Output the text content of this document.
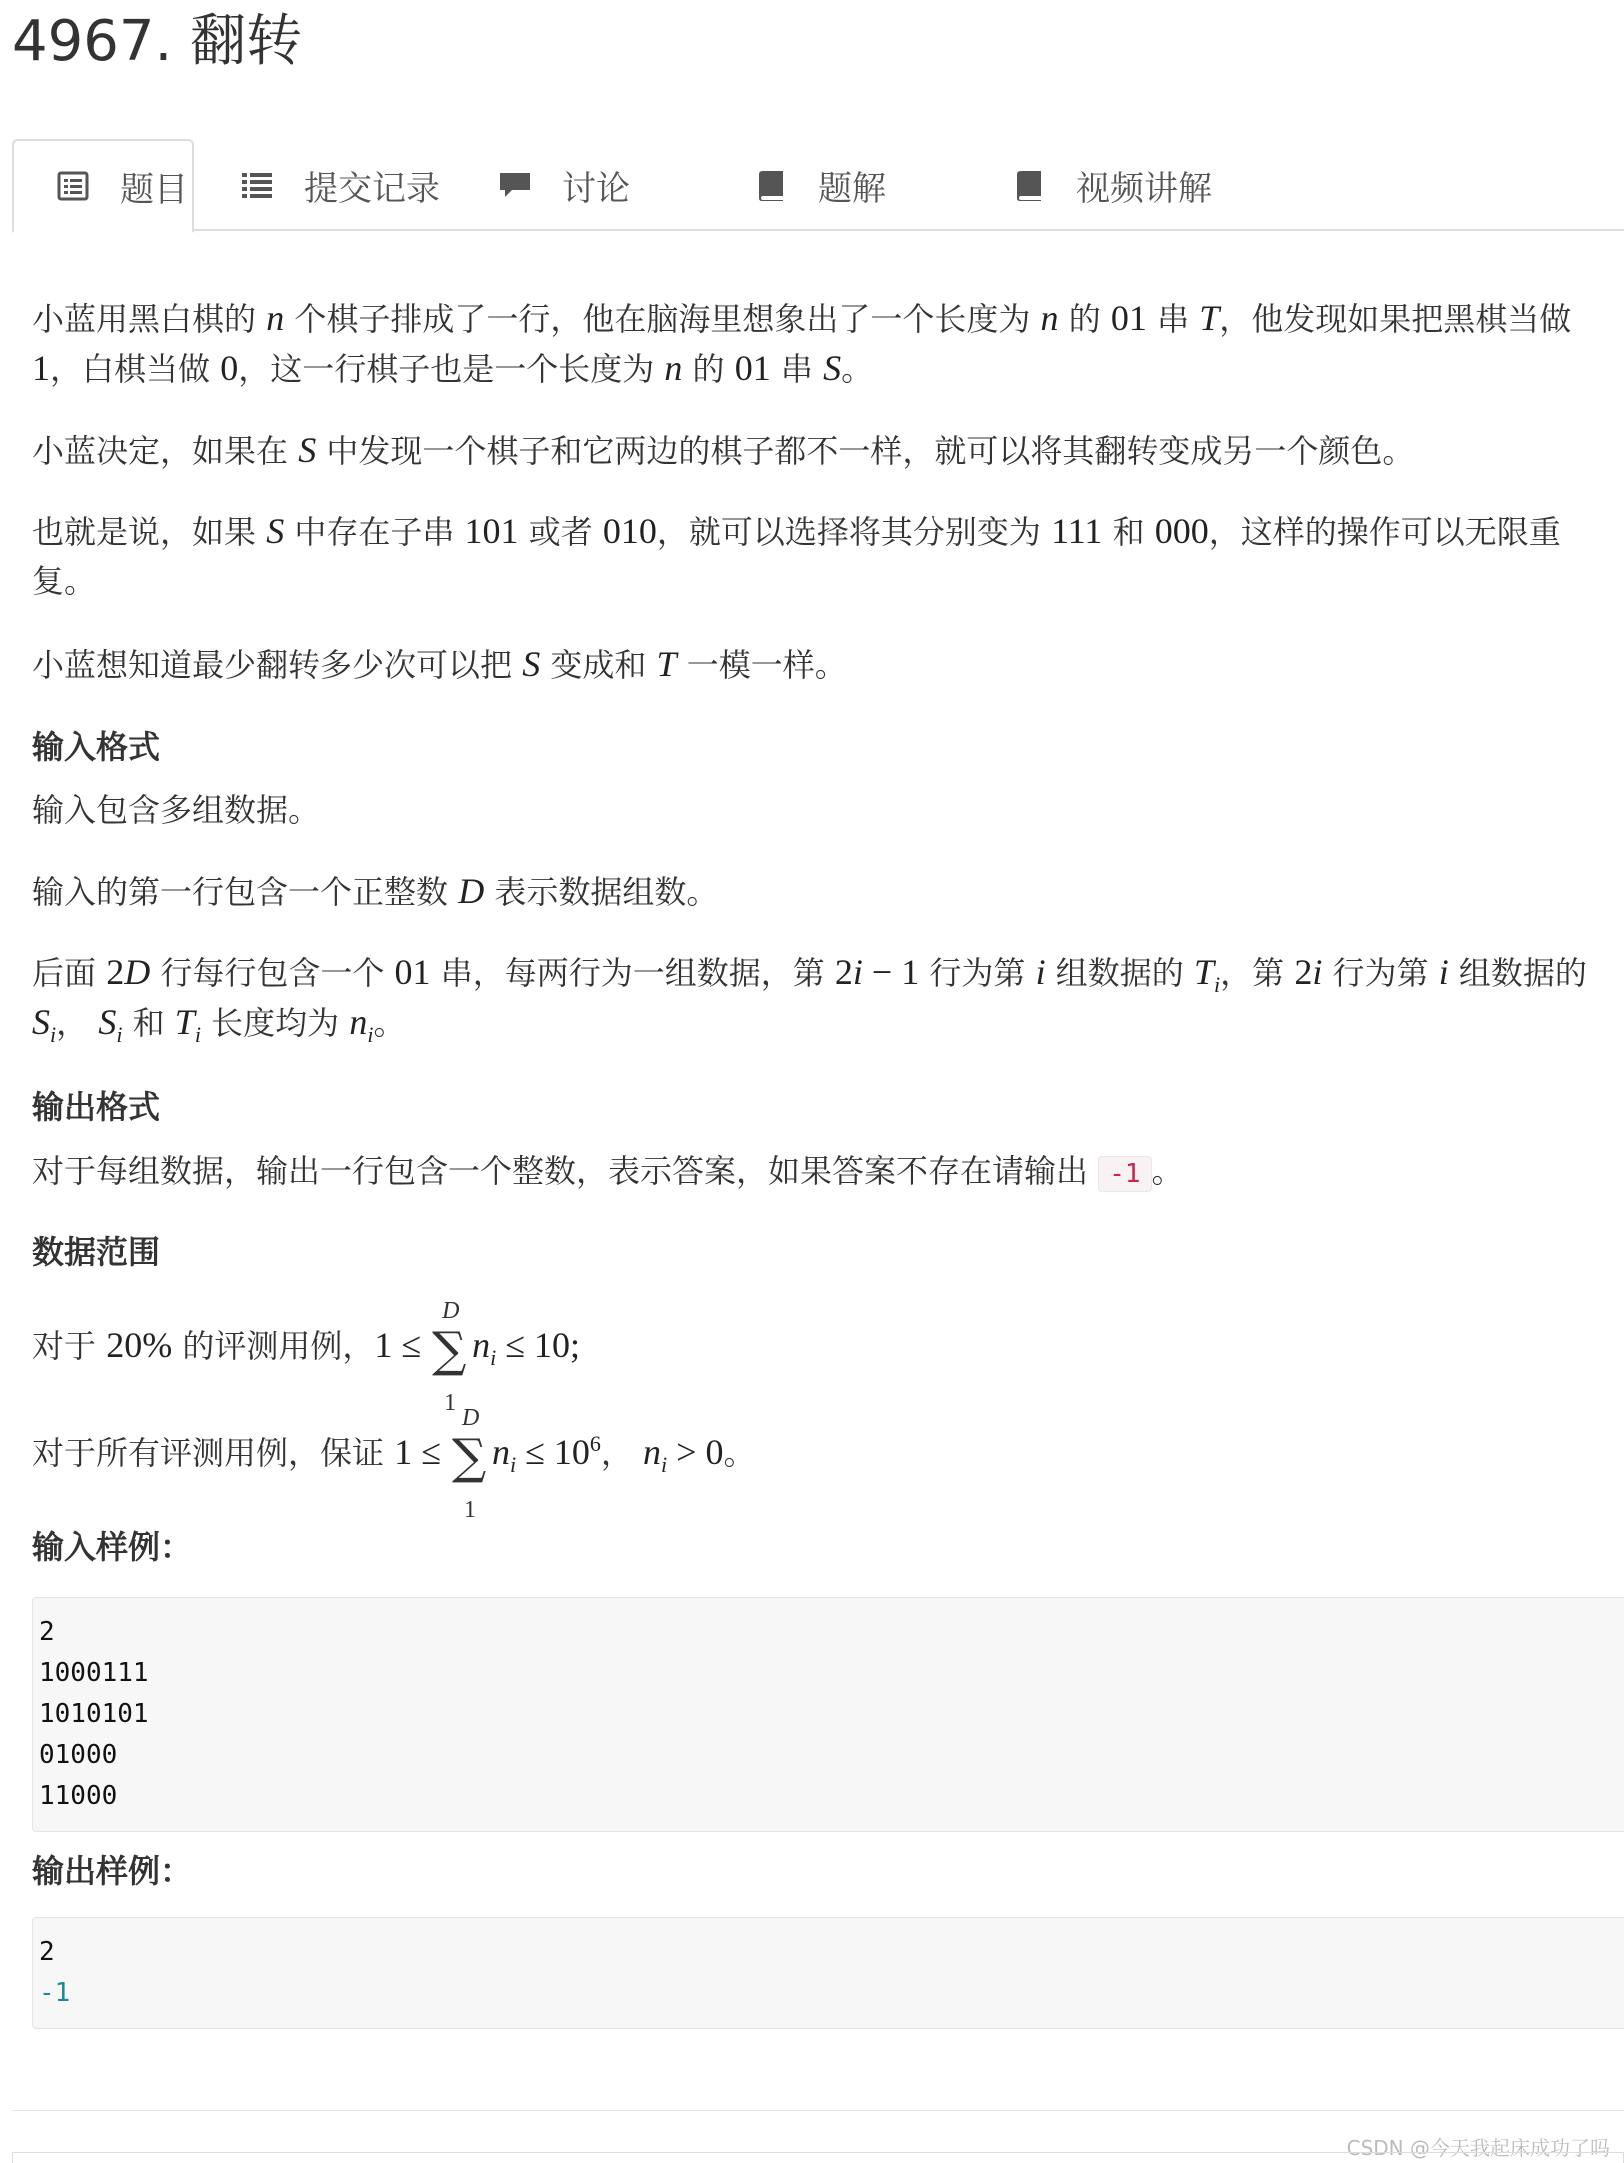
4967. 翻转
题目	提交记录	讨论	题解	视频讲解

小蓝用黑白棋的 n 个棋子排成了一行，他在脑海里想象出了一个长度为 n 的 01 串 T，他发现如果把黑棋当做

1，白棋当做 0，这一行棋子也是一个长度为 n 的 01 串 S。

小蓝决定，如果在 S 中发现一个棋子和它两边的棋子都不一样，就可以将其翻转变成另一个颜色。

也就是说，如果 S 中存在子串 101 或者 010，就可以选择将其分别变为 111 和 000，这样的操作可以无限重

复。

小蓝想知道最少翻转多少次可以把 S 变成和 T 一模一样。

输入格式

输入包含多组数据。

输入的第一行包含一个正整数 D 表示数据组数。

后面 2D 行每行包含一个 01 串，每两行为一组数据，第 2i − 1 行为第 i 组数据的 $T_i$，第 2i 行为第 i 组数据的

$S_i$， $S_i$ 和 $T_i$ 长度均为 $n_i$。

输出格式

对于每组数据，输出一行包含一个整数，表示答案，如果答案不存在请输出 -1 。

数据范围

对于 20% 的评测用例，1 ≤ ∑
D
1
$n_i \le 10$;

对于所有评测用例，保证 1 ≤ ∑
D
1
$n_i \le 10^6$， $n_i > 0$。

输入样例：
2
1000111
1010101
01000
11000
输出样例：
2
-1
CSDN @今天我起床成功了吗
